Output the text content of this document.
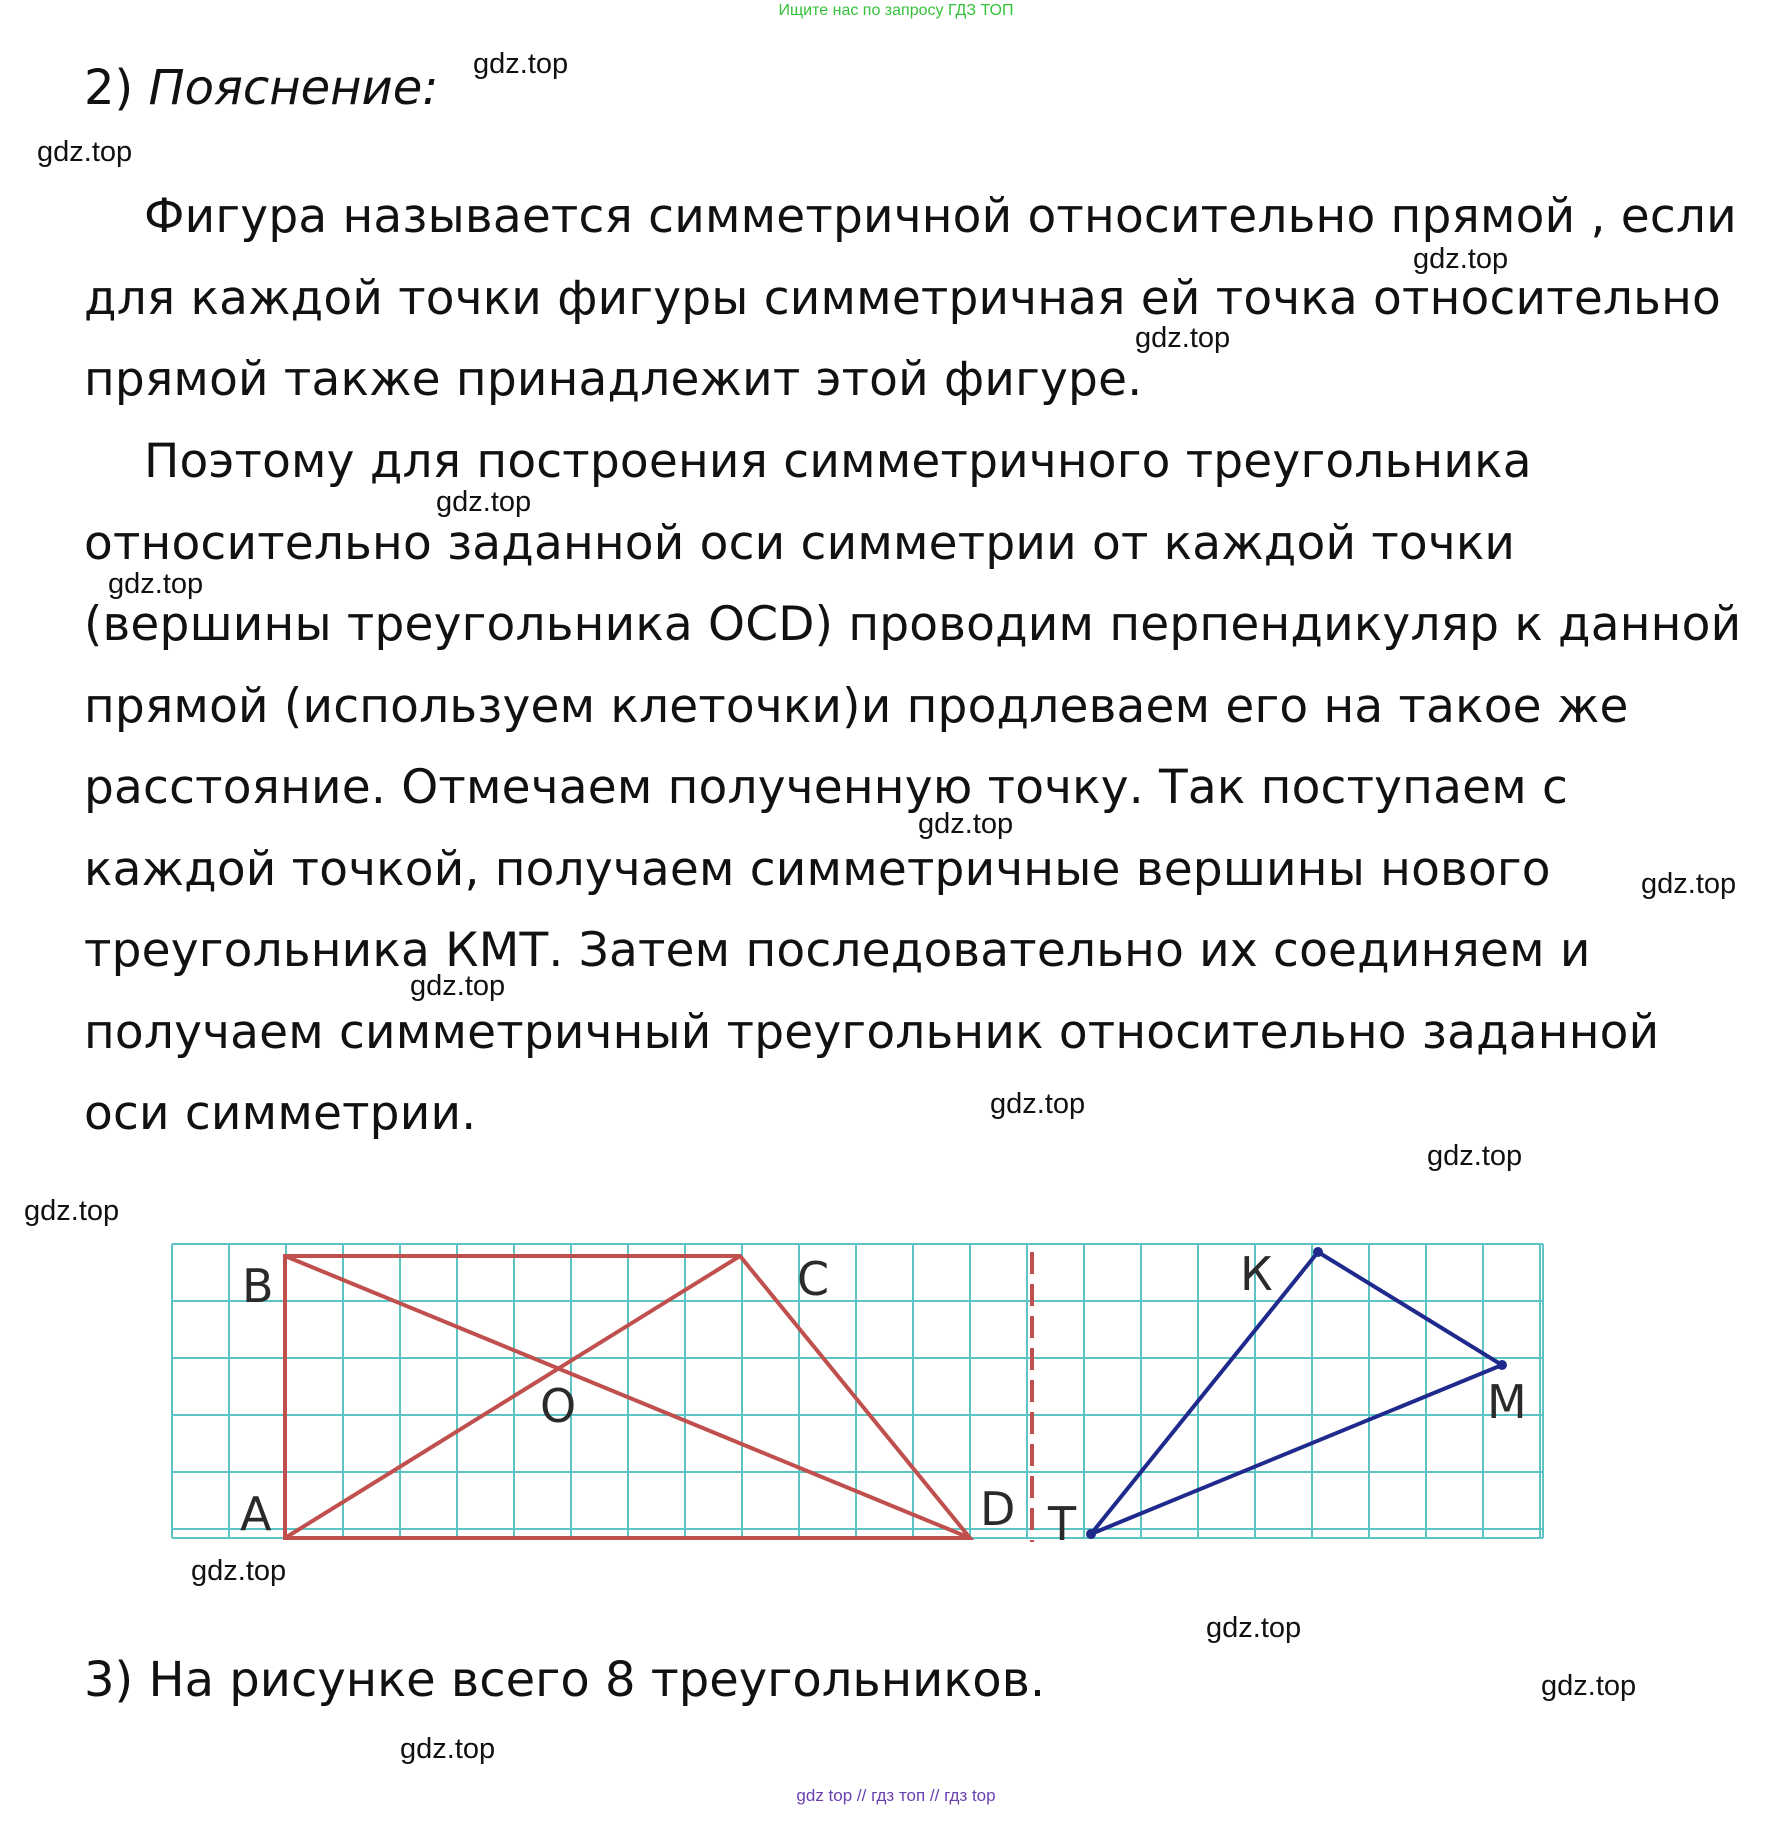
Ищите нас по запросу ГДЗ ТОП
2) Пояснение:

Фигура называется симметричной относительно прямой , если для каждой точки фигуры симметричная ей точка относительно прямой также принадлежит этой фигуре.

Поэтому для построения симметричного треугольника относительно заданной оси симметрии от каждой точки (вершины треугольника OCD) проводим перпендикуляр к данной прямой (используем клеточки)и продлеваем его на такое же расстояние. Отмечаем полученную точку. Так поступаем с каждой точкой, получаем симметричные вершины нового треугольника КМТ. Затем последовательно их соединяем и получаем симметричный треугольник относительно заданной оси симметрии.

B	C
O
A	D T
К
M
3) На рисунке всего 8 треугольников.
gdz.top
gdz.top
gdz.top
gdz.top
gdz.top
gdz.top
gdz.top
gdz.top
gdz.top
gdz.top
gdz.top
gdz.top
gdz.top
gdz.top
gdz.top
gdz.top
gdz top // гдз топ // гдз top
